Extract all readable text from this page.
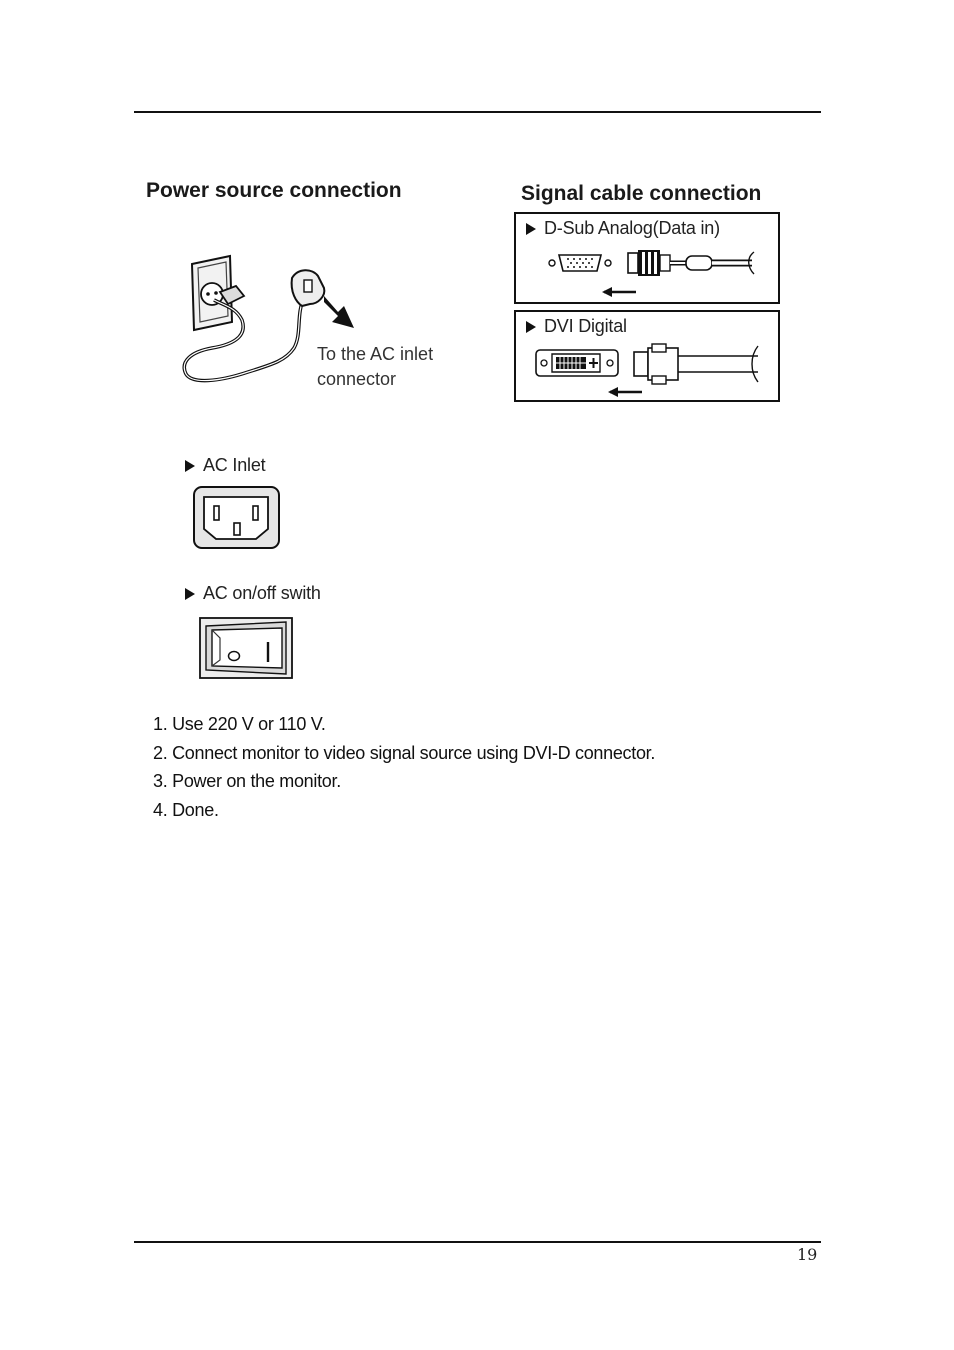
Power source connection
To the AC inlet
connector
Signal cable connection
D-Sub Analog(Data in)
DVI Digital
AC Inlet
AC on/off swith
1. Use 220 V or 110 V.
2. Connect monitor to video signal source using DVI-D connector.
3. Power on the monitor.
4. Done.
19
